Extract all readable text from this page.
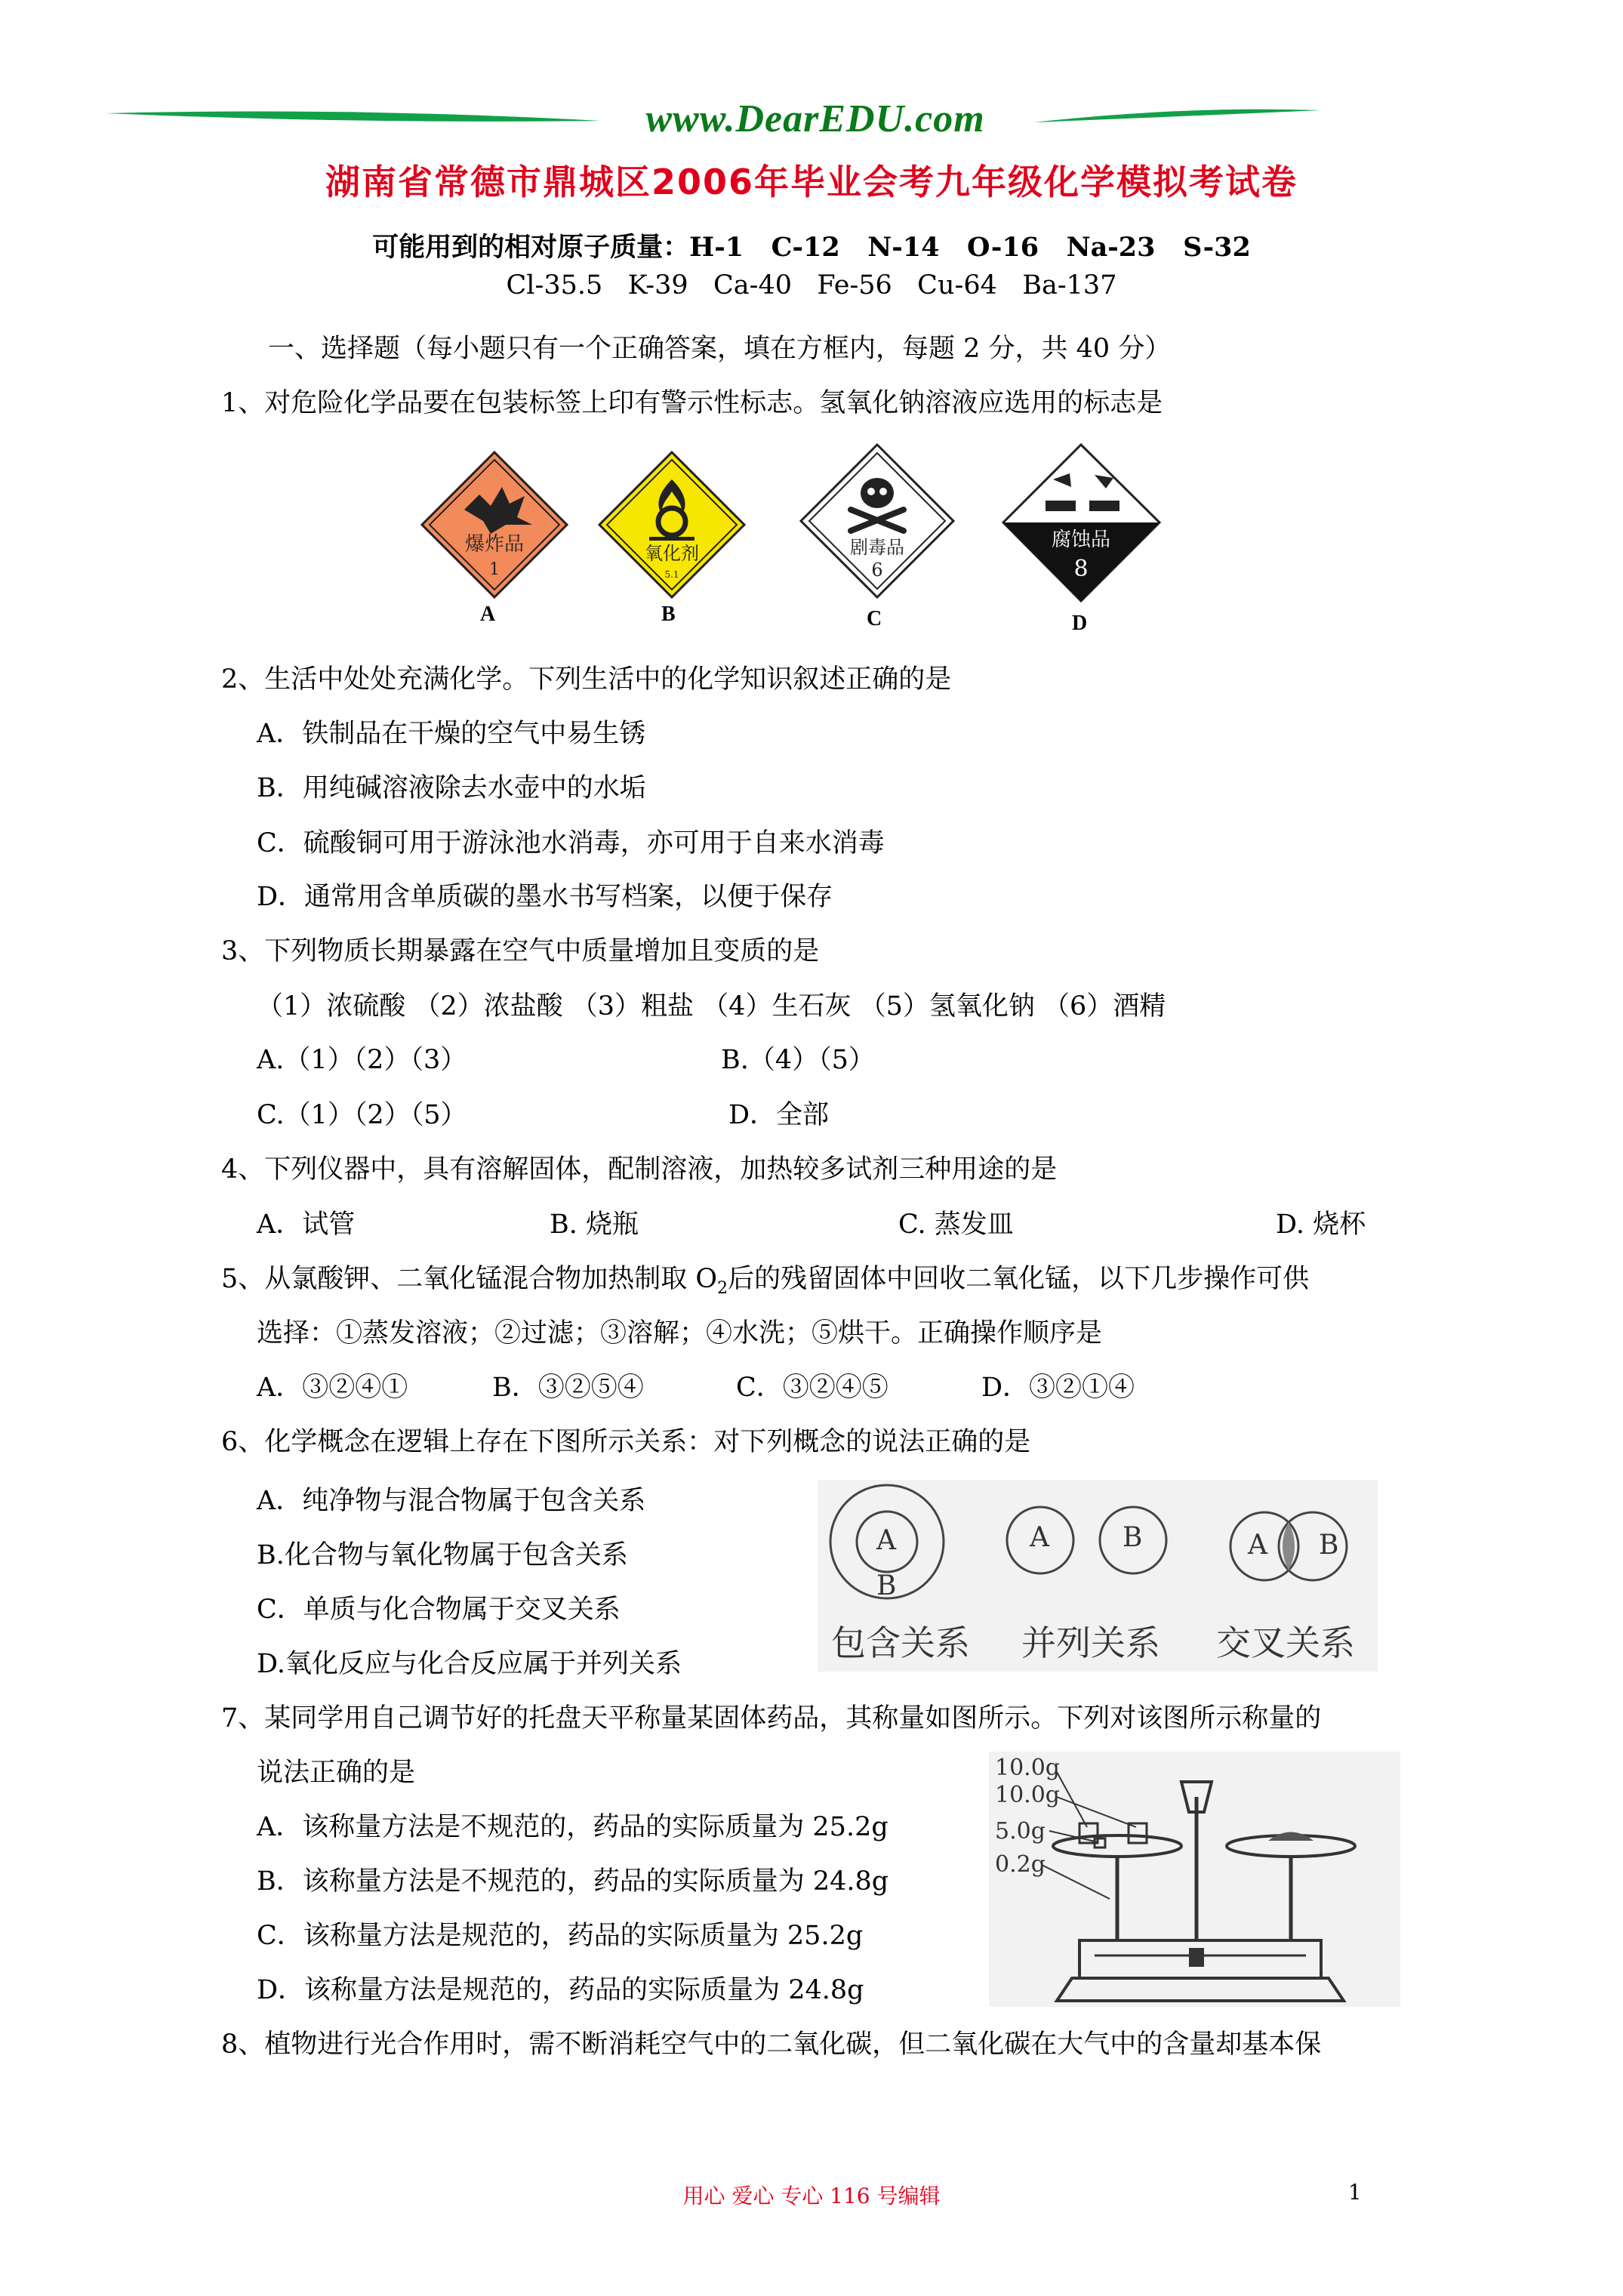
www.DearEDU.com
湖南省常德市鼎城区2006年毕业会考九年级化学模拟考试卷
可能用到的相对原子质量：H-1   C-12   N-14   O-16   Na-23   S-32
Cl-35.5   K-39   Ca-40   Fe-56   Cu-64   Ba-137
一、选择题（每小题只有一个正确答案，填在方框内，每题 2 分，共 40 分）
1、对危险化学品要在包装标签上印有警示性标志。氢氧化钠溶液应选用的标志是
爆炸品
1
氧化剂
5.1
剧毒品
6
腐蚀品
8
A	B	C	D
2、生活中处处充满化学。下列生活中的化学知识叙述正确的是
A．铁制品在干燥的空气中易生锈
B．用纯碱溶液除去水壶中的水垢
C．硫酸铜可用于游泳池水消毒，亦可用于自来水消毒
D．通常用含单质碳的墨水书写档案，以便于保存
3、下列物质长期暴露在空气中质量增加且变质的是
（1）浓硫酸 （2）浓盐酸 （3）粗盐 （4）生石灰 （5）氢氧化钠 （6）酒精
A.（1）（2）（3）	B.（4）（5）
C.（1）（2）（5）	D．全部
4、下列仪器中，具有溶解固体，配制溶液，加热较多试剂三种用途的是
A．试管	B. 烧瓶	C. 蒸发皿	D. 烧杯
5、从氯酸钾、二氧化锰混合物加热制取 $O_2$后的残留固体中回收二氧化锰，以下几步操作可供
选择：①蒸发溶液；②过滤；③溶解；④水洗；⑤烘干。正确操作顺序是
A．③②④①	B．③②⑤④	C．③②④⑤	D．③②①④
6、化学概念在逻辑上存在下图所示关系：对下列概念的说法正确的是
A．纯净物与混合物属于包含关系
B.化合物与氧化物属于包含关系
C．单质与化合物属于交叉关系
D.氧化反应与化合反应属于并列关系
A
B
A	B	A B
包含关系 并列关系 交叉关系
7、某同学用自己调节好的托盘天平称量某固体药品，其称量如图所示。下列对该图所示称量的
说法正确的是
A．该称量方法是不规范的，药品的实际质量为 25.2g
B．该称量方法是不规范的，药品的实际质量为 24.8g
C．该称量方法是规范的，药品的实际质量为 25.2g
D．该称量方法是规范的，药品的实际质量为 24.8g
10.0g
10.0g
5.0g
0.2g
8、植物进行光合作用时，需不断消耗空气中的二氧化碳，但二氧化碳在大气中的含量却基本保
用心 爱心 专心 116 号编辑	1
